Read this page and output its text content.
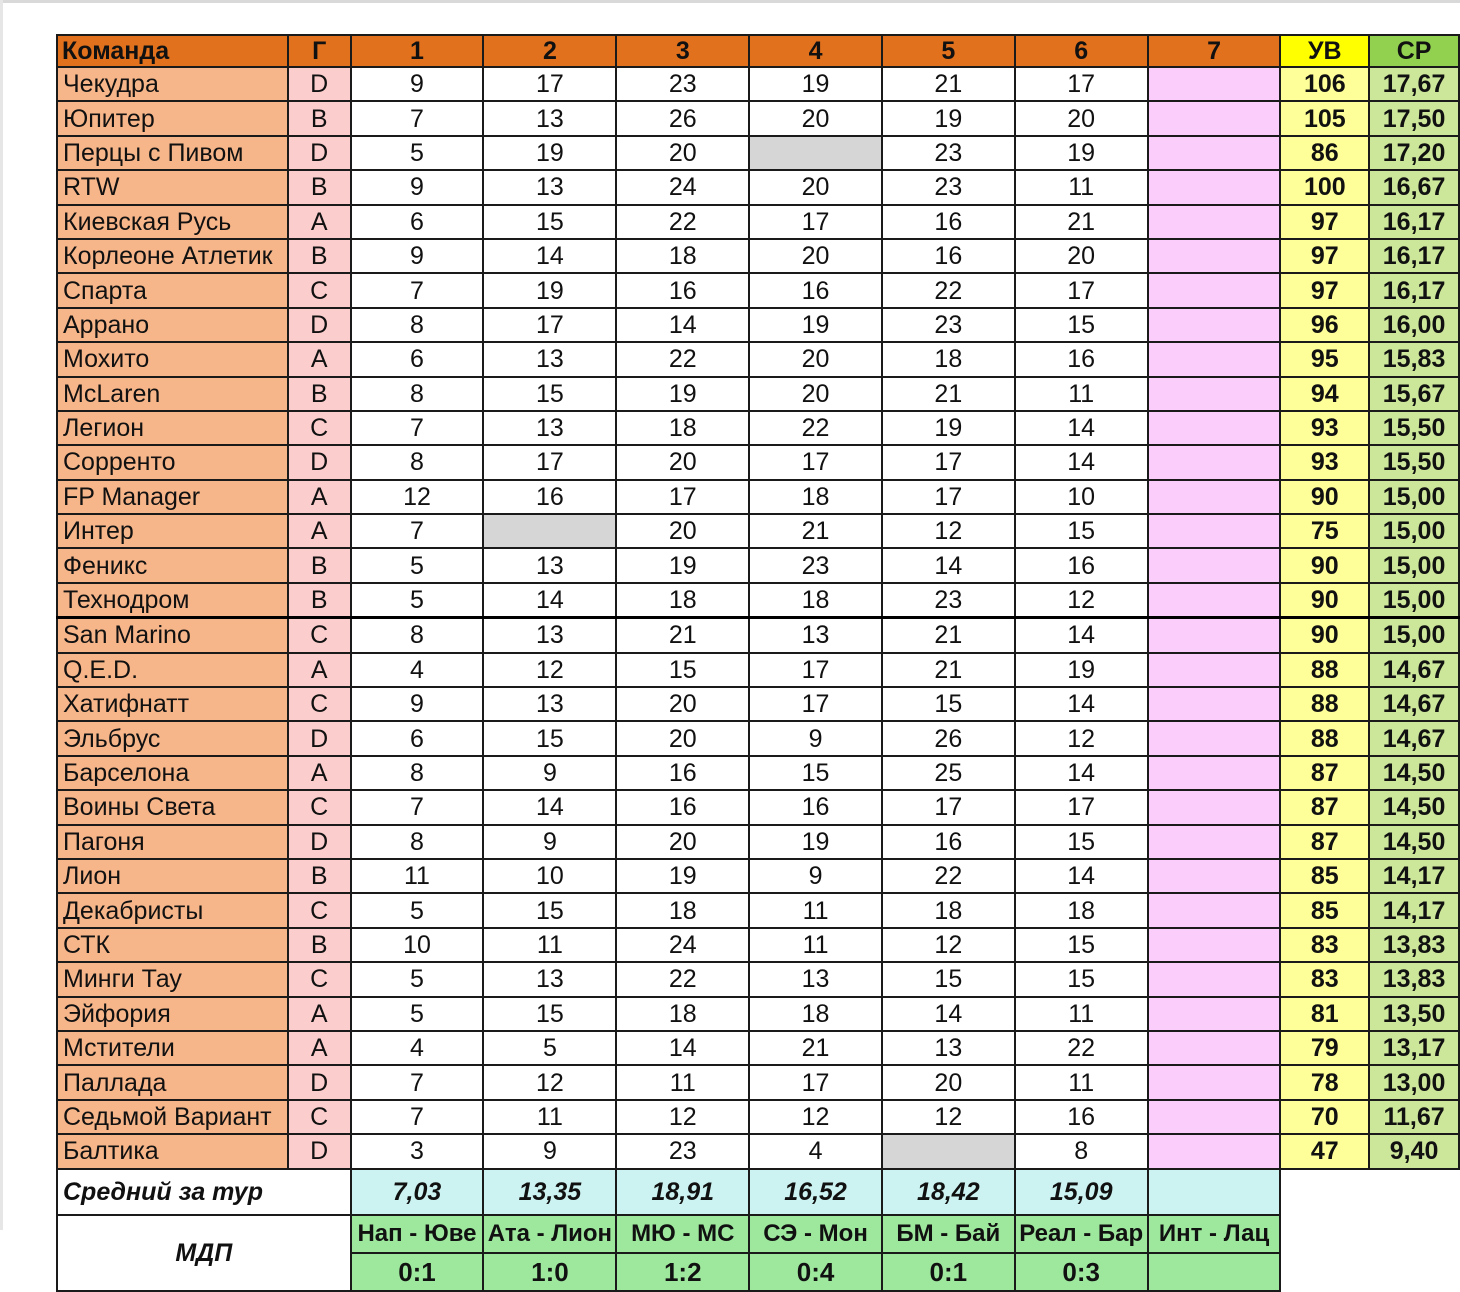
Команда	Г	1	2	3	4	5	6	7	УВ	СР
Чекудра	D	9	17	23	19	21	17		106	17,67
Юпитер	B	7	13	26	20	19	20		105	17,50
Перцы с Пивом	D	5	19	20		23	19		86	17,20
RTW	B	9	13	24	20	23	11		100	16,67
Киевская Русь	A	6	15	22	17	16	21		97	16,17
Корлеоне Атлетик	B	9	14	18	20	16	20		97	16,17
Спарта	C	7	19	16	16	22	17		97	16,17
Аррано	D	8	17	14	19	23	15		96	16,00
Мохито	A	6	13	22	20	18	16		95	15,83
McLaren	B	8	15	19	20	21	11		94	15,67
Легион	C	7	13	18	22	19	14		93	15,50
Сорренто	D	8	17	20	17	17	14		93	15,50
FP Manager	A	12	16	17	18	17	10		90	15,00
Интер	A	7		20	21	12	15		75	15,00
Феникс	B	5	13	19	23	14	16		90	15,00
Технодром	B	5	14	18	18	23	12		90	15,00
San Marino	C	8	13	21	13	21	14		90	15,00
Q.E.D.	A	4	12	15	17	21	19		88	14,67
Хатифнатт	C	9	13	20	17	15	14		88	14,67
Эльбрус	D	6	15	20	9	26	12		88	14,67
Барселона	A	8	9	16	15	25	14		87	14,50
Воины Света	C	7	14	16	16	17	17		87	14,50
Пагоня	D	8	9	20	19	16	15		87	14,50
Лион	B	11	10	19	9	22	14		85	14,17
Декабристы	C	5	15	18	11	18	18		85	14,17
СТК	B	10	11	24	11	12	15		83	13,83
Минги Тау	C	5	13	22	13	15	15		83	13,83
Эйфория	A	5	15	18	18	14	11		81	13,50
Мстители	A	4	5	14	21	13	22		79	13,17
Паллада	D	7	12	11	17	20	11		78	13,00
Седьмой Вариант	C	7	11	12	12	12	16		70	11,67
Балтика	D	3	9	23	4		8		47	9,40
Средний за тур		7,03	13,35	18,91	16,52	18,42	15,09			
МДП		Нап - Юве	Ата - Лион	МЮ - МС	СЭ - Мон	БМ - Бай	Реал - Бар	Инт - Лац		
		0:1	1:0	1:2	0:4	0:1	0:3			
